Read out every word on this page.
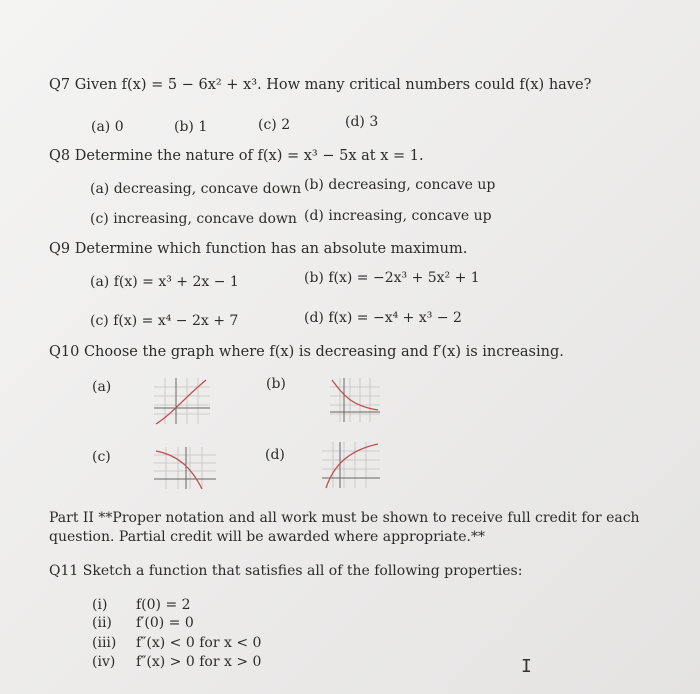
Q7 Given f(x) = 5 − 6x² + x³. How many critical numbers could f(x) have?
(a) 0	(b) 1	(c) 2	(d) 3
Q8 Determine the nature of f(x) = x³ − 5x at x = 1.
(a) decreasing, concave down (b) decreasing, concave up
(c) increasing, concave down (d) increasing, concave up
Q9 Determine which function has an absolute maximum.
(a) f(x) = x³ + 2x − 1	(b) f(x) = −2x³ + 5x² + 1
(c) f(x) = x⁴ − 2x + 7	(d) f(x) = −x⁴ + x³ − 2
Q10 Choose the graph where f(x) is decreasing and f′(x) is increasing.
(a)	(b)
(c)	(d)
Part II **Proper notation and all work must be shown to receive full credit for each
question. Partial credit will be awarded where appropriate.**
Q11 Sketch a function that satisfies all of the following properties:
(i) f(0) = 2
(ii) f′(0) = 0
(iii) f″(x) < 0 for x < 0
(iv) f″(x) > 0 for x > 0	I
